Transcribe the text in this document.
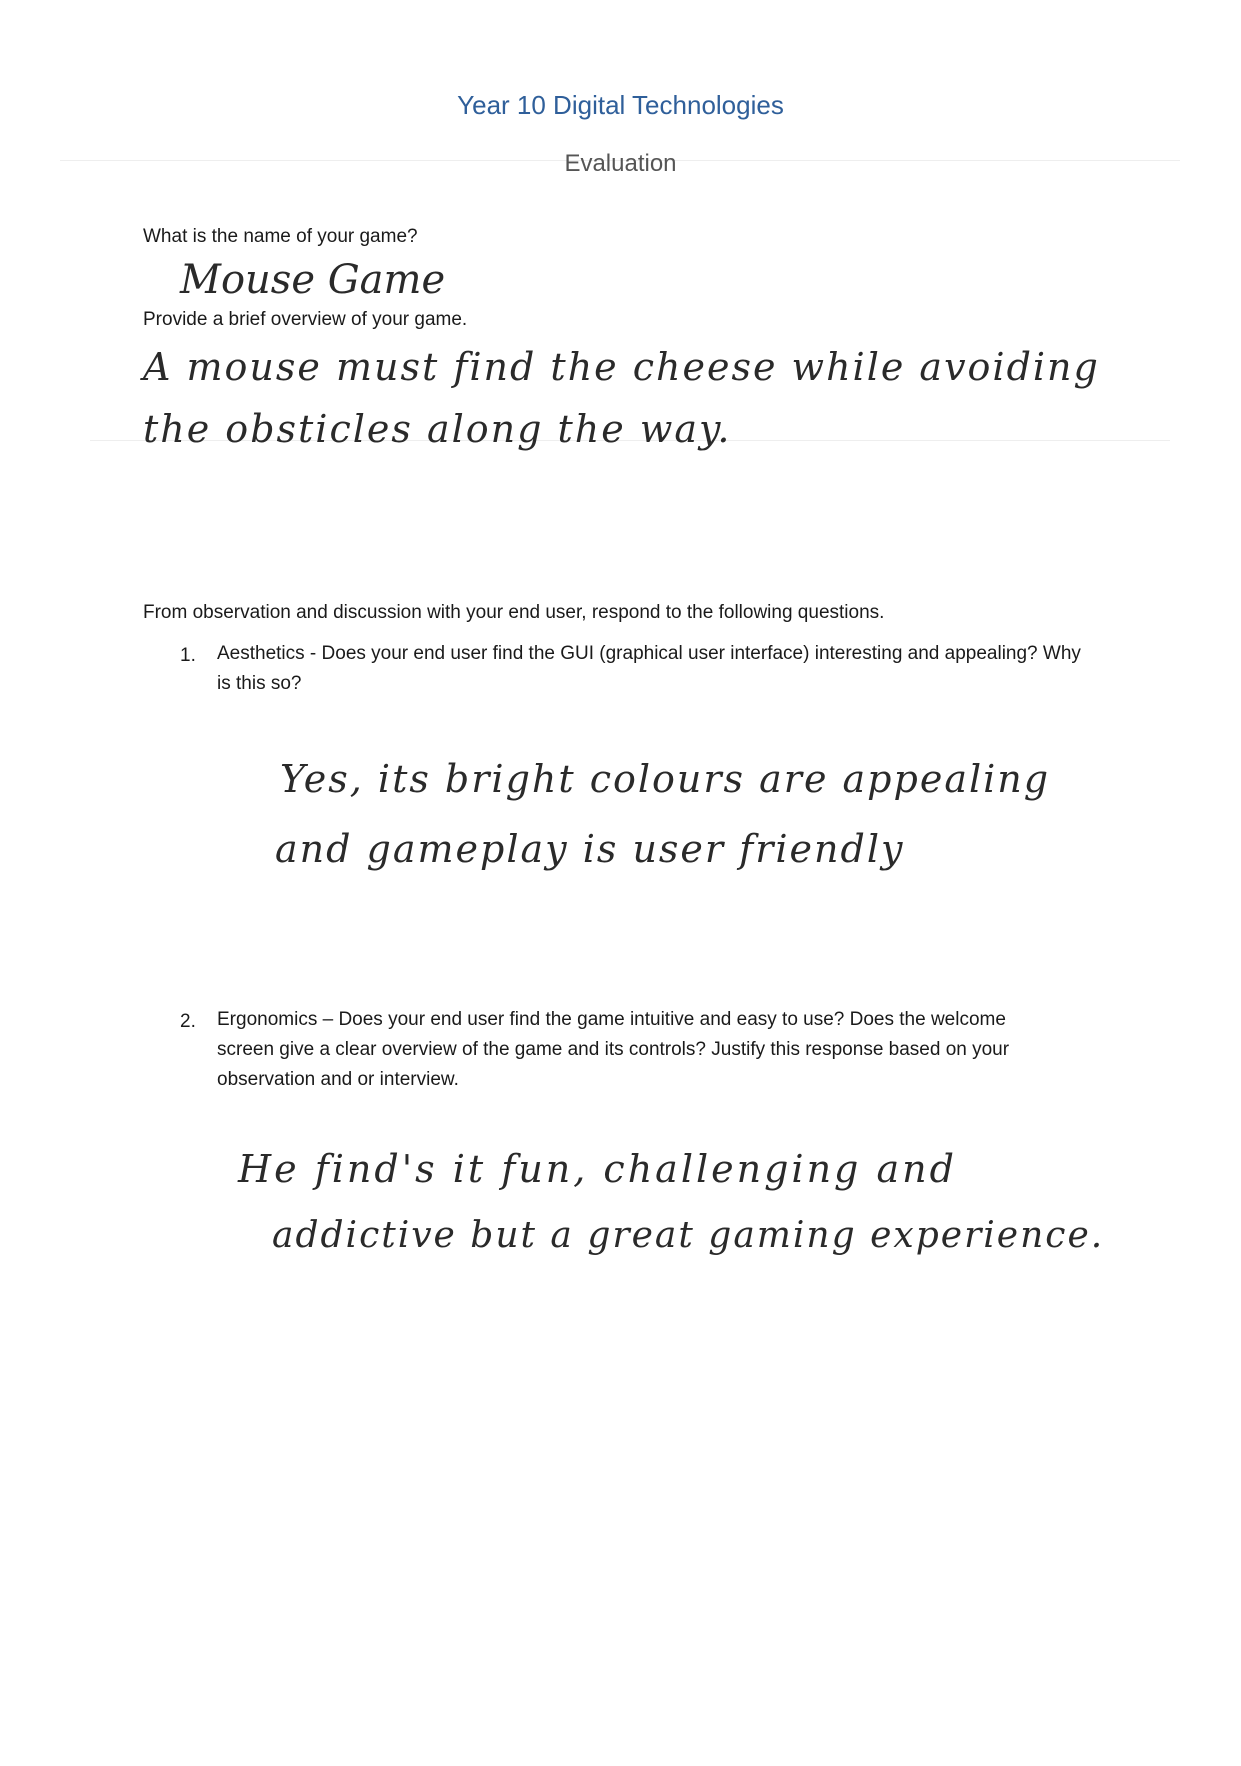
Year 10 Digital Technologies
Evaluation
What is the name of your game?
Mouse Game
Provide a brief overview of your game.
A mouse must find the cheese while avoiding
the obsticles along the way.
From observation and discussion with your end user, respond to the following questions.
1. Aesthetics - Does your end user find the GUI (graphical user interface) interesting and appealing? Why is this so?
Yes, its bright colours are appealing
and gameplay is user friendly
2. Ergonomics – Does your end user find the game intuitive and easy to use? Does the welcome screen give a clear overview of the game and its controls? Justify this response based on your observation and or interview.
He find's it fun, challenging and
addictive but a great gaming experience.
